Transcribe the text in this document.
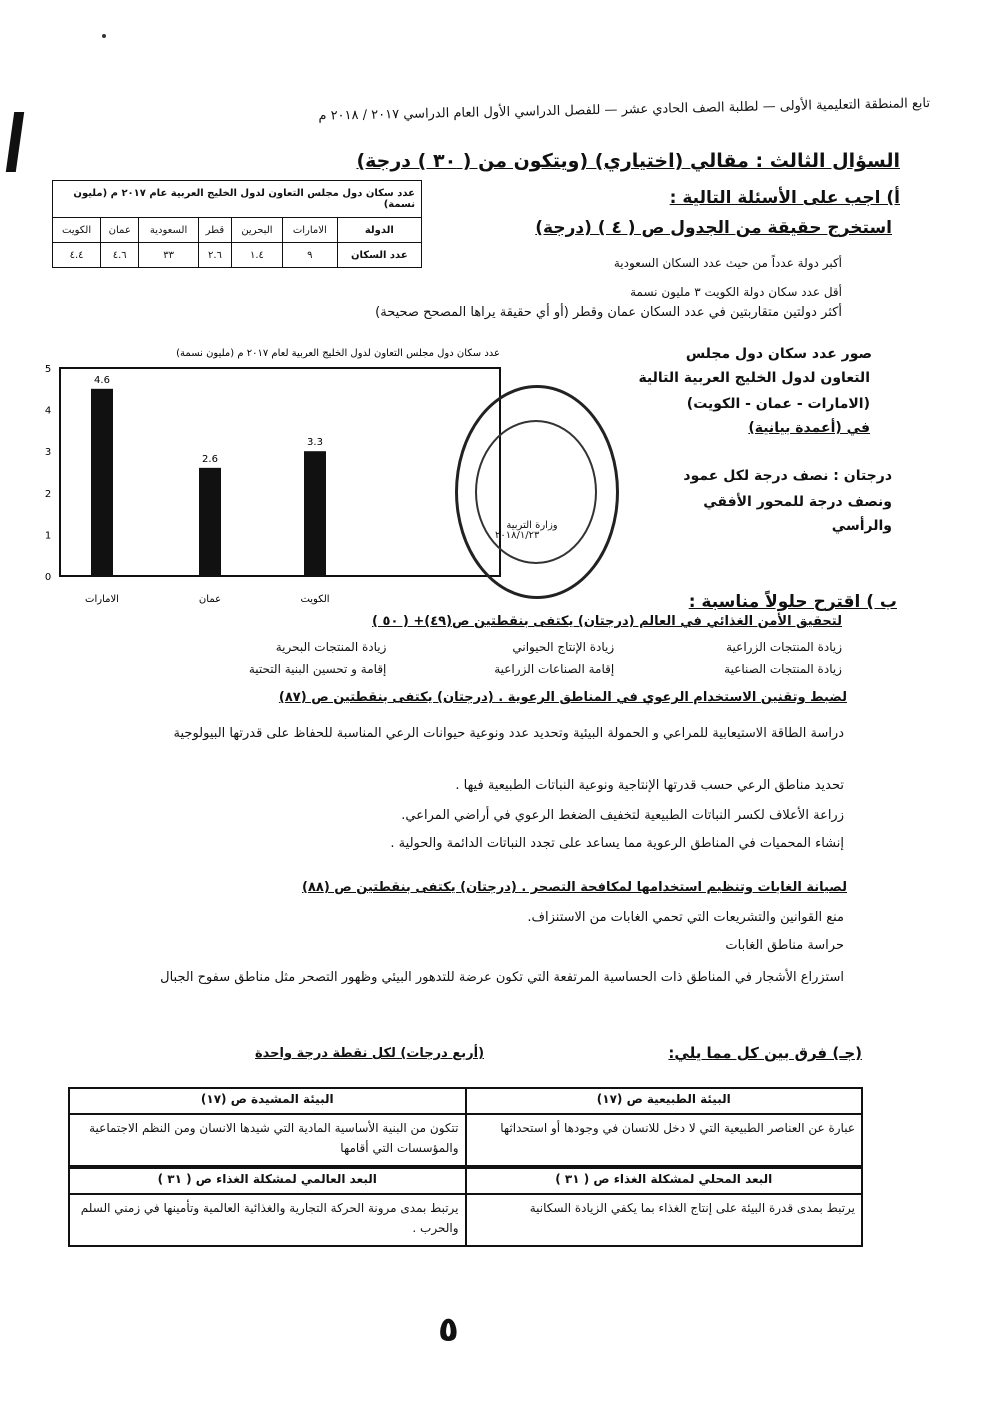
تابع المنطقة التعليمية الأولى — لطلبة الصف الحادي عشر — للفصل الدراسي الأول العام الدراسي ٢٠١٧ / ٢٠١٨ م
السؤال الثالث : مقالي (اختياري) (ويتكون من ( ٣٠ ) درجة)
أ) اجب على الأسئلة التالية :
استخرج حقيقة من الجدول ص ( ٤ ) (درجة)
عدد سكان دول مجلس التعاون لدول الخليج العربية عام ٢٠١٧ م (مليون نسمة)						
الدولة	الامارات	البحرين	قطر	السعودية	عمان	الكويت
عدد السكان	٩	١.٤	٢.٦	٣٣	٤.٦	٤.٤
أكبر دولة عدداً من حيث عدد السكان السعودية
أقل عدد سكان دولة الكويت ٣ مليون نسمة
أكثر دولتين متقاربتين في عدد السكان عمان وقطر (أو أي حقيقة يراها المصحح صحيحة)
صور عدد سكان دول مجلس
التعاون لدول الخليج العربية التالية
(الامارات - عمان - الكويت)
في (أعمدة بيانية)
درجتان : نصف درجة لكل عمود
ونصف درجة للمحور الأفقي
والرأسي
عدد سكان دول مجلس التعاون لدول الخليج العربية لعام ٢٠١٧ م (مليون نسمة)
0
1
2
3
4
5
4.6
2.6
3.3
الامارات	عمان	الكويت
وزارة التربية
٢٠١٨/١/٢٣
ب ) اقترح حلولاً مناسبة :
لتحقيق الأمن الغذائي في العالم (درجتان) يكتفى بنقطتين ص(٤٩)+ ( ٥٠ )
زيادة المنتجات الزراعية
زيادة الإنتاج الحيواني
زيادة المنتجات البحرية
زيادة المنتجات الصناعية
إقامة الصناعات الزراعية
إقامة و تحسين البنية التحتية
لضبط وتقنين الاستخدام الرعوي في المناطق الرعوية . (درجتان) يكتفى بنقطتين ص (٨٧)
دراسة الطاقة الاستيعابية للمراعي و الحمولة البيئية وتحديد عدد ونوعية حيوانات الرعي المناسبة للحفاظ على قدرتها البيولوجية
تحديد مناطق الرعي حسب قدرتها الإنتاجية ونوعية النباتات الطبيعية فيها .
زراعة الأعلاف لكسر النباتات الطبيعية لتخفيف الضغط الرعوي في أراضي المراعي.
إنشاء المحميات في المناطق الرعوية مما يساعد على تجدد النباتات الدائمة والحولية .
لصيانة الغابات وتنظيم استخدامها لمكافحة التصحر . (درجتان) يكتفى بنقطتين ص (٨٨)
منع القوانين والتشريعات التي تحمي الغابات من الاستنزاف.
حراسة مناطق الغابات
استزراع الأشجار في المناطق ذات الحساسية المرتفعة التي تكون عرضة للتدهور البيئي وظهور التصحر مثل مناطق سفوح الجبال
(جـ) فرق بين كل مما يلي:
(أربع درجات) لكل نقطة درجة واحدة
البيئة الطبيعية ص (١٧)	البيئة المشيدة ص (١٧)
عبارة عن العناصر الطبيعية التي لا دخل للانسان في وجودها أو استحداثها	تتكون من البنية الأساسية المادية التي شيدها الانسان ومن النظم الاجتماعية والمؤسسات التي أقامها
البعد المحلي لمشكلة الغذاء ص ( ٣١ )	البعد العالمي لمشكلة الغذاء ص ( ٣١ )
يرتبط بمدى قدرة البيئة على إنتاج الغذاء بما يكفي الزيادة السكانية	يرتبط بمدى مرونة الحركة التجارية والغذائية العالمية وتأمينها في زمني السلم والحرب .
٥
